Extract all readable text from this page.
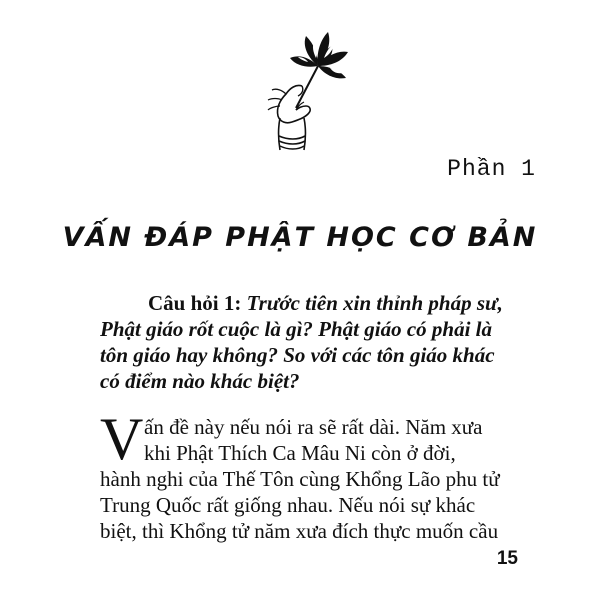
Phần 1
VẤN ĐÁP PHẬT HỌC CƠ BẢN
Câu hỏi 1: Trước tiên xin thỉnh pháp sư,
Phật giáo rốt cuộc là gì? Phật giáo có phải là
tôn giáo hay không? So với các tôn giáo khác
có điểm nào khác biệt?
V ấn đề này nếu nói ra sẽ rất dài. Năm xưa
khi Phật Thích Ca Mâu Ni còn ở đời,
hành nghi của Thế Tôn cùng Khổng Lão phu tử
Trung Quốc rất giống nhau. Nếu nói sự khác
biệt, thì Khổng tử năm xưa đích thực muốn cầu
15
